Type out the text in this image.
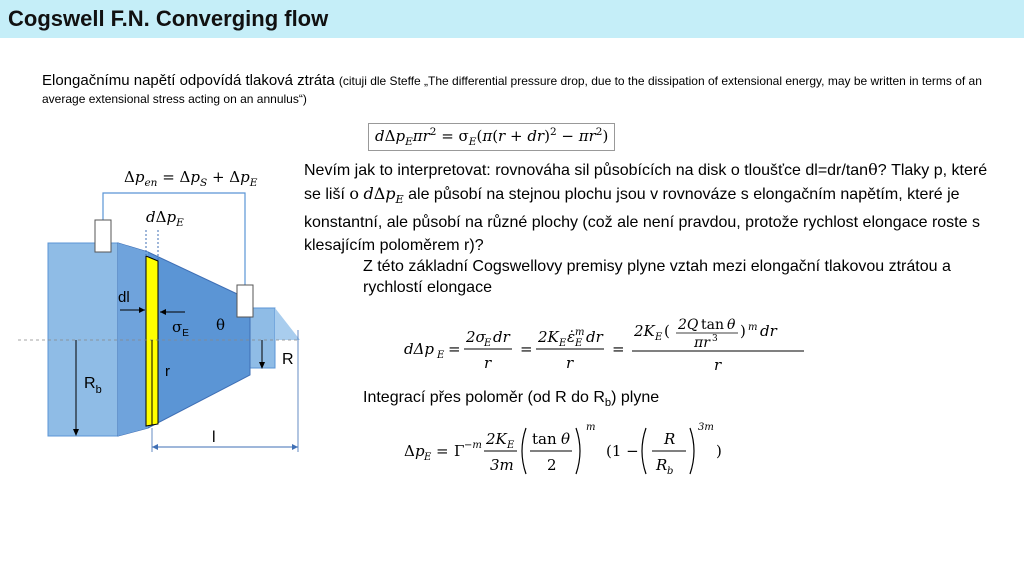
Cogswell F.N. Converging flow
Elongačnímu napětí odpovídá tlaková ztráta (cituji dle Steffe „The differential pressure drop, due to the dissipation of extensional energy, may be written in terms of an average extensional stress acting on an annulus“)
$d\Delta p_E\pi r^2 = \sigma_E(\pi(r + dr)^2 - \pi r^2)$

Nevím jak to interpretovat: rovnováha sil působících na disk o tloušťce dl=dr/tanθ? Tlaky p, které se liší o dΔp$_E$ ale působí na stejnou plochu jsou v rovnováze s elongačním napětím, které je konstantní, ale působí na různé plochy (což ale není pravdou, protože rychlost elongace roste s klesajícím poloměrem r)?

Z této základní Cogswellovy premisy plyne vztah mezi elongační tlakovou ztrátou a rychlostí elongace

dΔp E =
2σ
E dr
r
=
2K E ε̇ m
E dr
r
=
2K E ( 2Q tan θ
πr 3 ) m dr
r

Integrací přes poloměr (od R do $R_b$) plyne

Δ p E = Γ −m 2K E
3m
tan θ
2
m
(1 −
R
R b
3m
)
$\Delta p_{en} = \Delta p_S + \Delta p_E$
dΔp$_E$
dl
$\sigma_E$ θ
r
R
$R_b$
l
